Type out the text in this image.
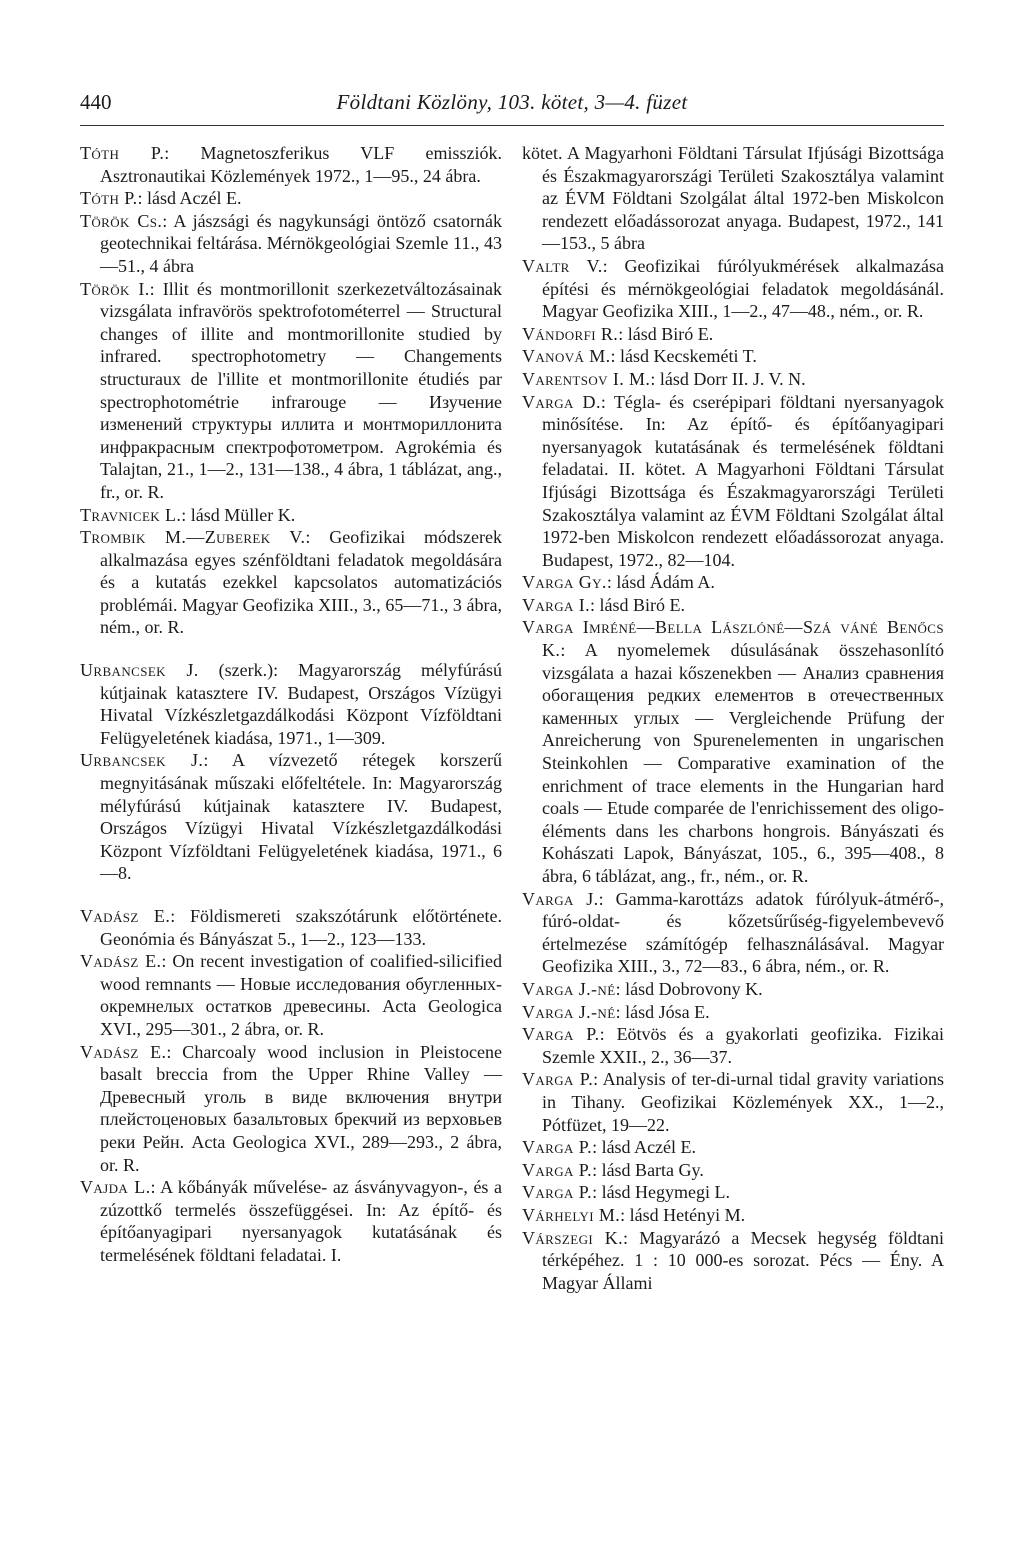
440	Földtani Közlöny, 103. kötet, 3—4. füzet

Tóth P.: Magnetoszferikus VLF emissziók. Asztronautikai Közlemények 1972., 1—95., 24 ábra.

Tóth P.: lásd Aczél E.

Török Cs.: A jászsági és nagykunsági öntöző csatornák geotechnikai feltárása. Mérnökgeológiai Szemle 11., 43—51., 4 ábra

Török I.: Illit és montmorillonit szerkezetváltozásainak vizsgálata infravörös spektrofotométerrel — Structural changes of illite and montmorillonite studied by infrared. spectrophotometry — Changements structuraux de l'illite et montmorillonite étudiés par spectrophotométrie infrarouge — Изучение изменений структуры иллита и монтмориллонита инфракрасным спектрофотометром. Agrokémia és Talajtan, 21., 1—2., 131—138., 4 ábra, 1 táblázat, ang., fr., or. R.

Travnicek L.: lásd Müller K.

Trombik M.—Zuberek V.: Geofizikai módszerek alkalmazása egyes szénföldtani feladatok megoldására és a kutatás ezekkel kapcsolatos automatizációs problémái. Magyar Geofizika XIII., 3., 65—71., 3 ábra, ném., or. R.

Urbancsek J. (szerk.): Magyarország mélyfúrású kútjainak katasztere IV. Budapest, Országos Vízügyi Hivatal Vízkészletgazdálkodási Központ Vízföldtani Felügyeletének kiadása, 1971., 1—309.

Urbancsek J.: A vízvezető rétegek korszerű megnyitásának műszaki előfeltétele. In: Magyarország mélyfúrású kútjainak katasztere IV. Budapest, Országos Vízügyi Hivatal Vízkészletgazdálkodási Központ Vízföldtani Felügyeletének kiadása, 1971., 6—8.

Vadász E.: Földismereti szakszótárunk előtörténete. Geonómia és Bányászat 5., 1—2., 123—133.

Vadász E.: On recent investigation of coalified-silicified wood remnants — Новые исследования обугленных-окремнелых остатков древесины. Acta Geologica XVI., 295—301., 2 ábra, or. R.

Vadász E.: Charcoaly wood inclusion in Pleistocene basalt breccia from the Upper Rhine Valley — Древесный уголь в виде включения внутри плейстоценовых базальтовых брекчий из верховьев реки Рейн. Acta Geologica XVI., 289—293., 2 ábra, or. R.

Vajda L.: A kőbányák művelése- az ásványvagyon-, és a zúzottkő termelés összefüggései. In: Az építő- és építőanyagipari nyersanyagok kutatásának és termelésének földtani feladatai. I.

kötet. A Magyarhoni Földtani Társulat Ifjúsági Bizottsága és Északmagyarországi Területi Szakosztálya valamint az ÉVM Földtani Szolgálat által 1972-ben Miskolcon rendezett előadássorozat anyaga. Budapest, 1972., 141—153., 5 ábra

Valtr V.: Geofizikai fúrólyukmérések alkalmazása építési és mérnökgeológiai feladatok megoldásánál. Magyar Geofizika XIII., 1—2., 47—48., ném., or. R.

Vándorfi R.: lásd Biró E.

Vanová M.: lásd Kecskeméti T.

Varentsov I. M.: lásd Dorr II. J. V. N.

Varga D.: Tégla- és cserépipari földtani nyersanyagok minősítése. In: Az építő- és építőanyagipari nyersanyagok kutatásának és termelésének földtani feladatai. II. kötet. A Magyarhoni Földtani Társulat Ifjúsági Bizottsága és Északmagyarországi Területi Szakosztálya valamint az ÉVM Földtani Szolgálat által 1972-ben Miskolcon rendezett előadássorozat anyaga. Budapest, 1972., 82—104.

Varga Gy.: lásd Ádám A.

Varga I.: lásd Biró E.

Varga Imréné—Bella Lászlóné—Szá váné Benőcs K.: A nyomelemek dúsulásának összehasonlító vizsgálata a hazai kőszenekben — Анализ сравнения обогащения редких елементов в отечественных каменных углых — Vergleichende Prüfung der Anreicherung von Spurenelementen in ungarischen Steinkohlen — Comparative examination of the enrichment of trace elements in the Hungarian hard coals — Etude comparée de l'enrichissement des oligo-éléments dans les charbons hongrois. Bányászati és Kohászati Lapok, Bányászat, 105., 6., 395—408., 8 ábra, 6 táblázat, ang., fr., ném., or. R.

Varga J.: Gamma-karottázs adatok fúrólyuk-átmérő-, fúró-oldat- és kőzetsűrűség-figyelembevevő értelmezése számítógép felhasználásával. Magyar Geofizika XIII., 3., 72—83., 6 ábra, ném., or. R.

Varga J.-né: lásd Dobrovony K.

Varga J.-né: lásd Jósa E.

Varga P.: Eötvös és a gyakorlati geofizika. Fizikai Szemle XXII., 2., 36—37.

Varga P.: Analysis of ter-di-urnal tidal gravity variations in Tihany. Geofizikai Közlemények XX., 1—2., Pótfüzet, 19—22.

Varga P.: lásd Aczél E.

Varga P.: lásd Barta Gy.

Varga P.: lásd Hegymegi L.

Várhelyi M.: lásd Hetényi M.

Várszegi K.: Magyarázó a Mecsek hegység földtani térképéhez. 1 : 10 000-es sorozat. Pécs — Ény. A Magyar Állami
